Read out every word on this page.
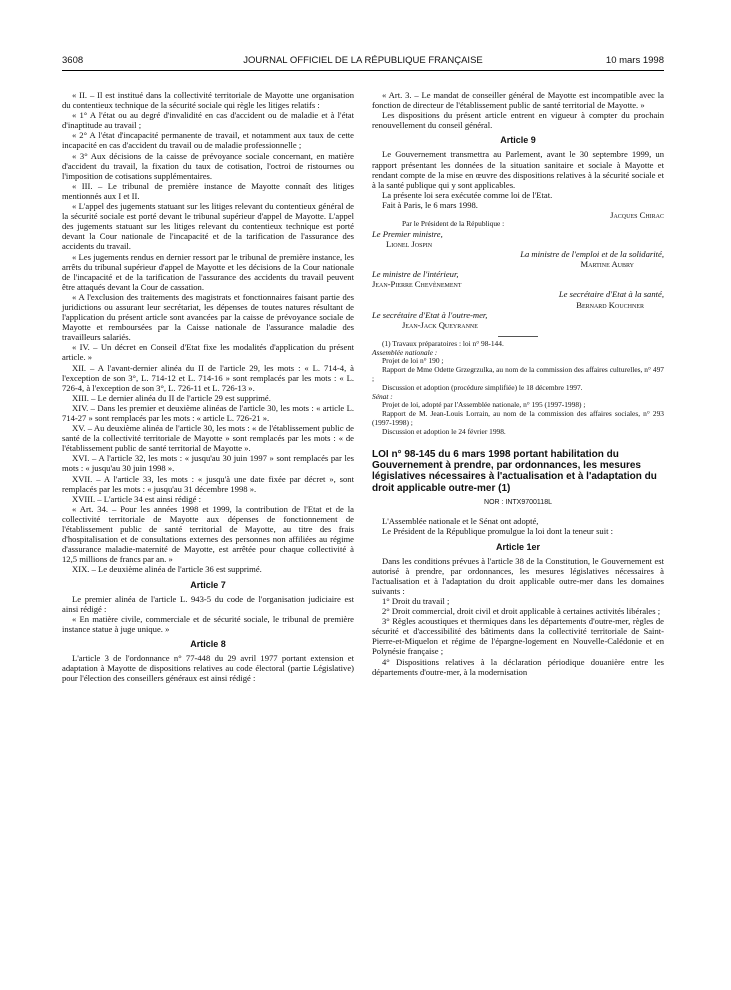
3608	JOURNAL OFFICIEL DE LA RÉPUBLIQUE FRANÇAISE	10 mars 1998

« II. – Il est institué dans la collectivité territoriale de Mayotte une organisation du contentieux technique de la sécurité sociale qui règle les litiges relatifs :

« 1° A l'état ou au degré d'invalidité en cas d'accident ou de maladie et à l'état d'inaptitude au travail ;

« 2° A l'état d'incapacité permanente de travail, et notamment aux taux de cette incapacité en cas d'accident du travail ou de maladie professionnelle ;

« 3° Aux décisions de la caisse de prévoyance sociale concernant, en matière d'accident du travail, la fixation du taux de cotisation, l'octroi de ristournes ou l'imposition de cotisations supplémentaires.

« III. – Le tribunal de première instance de Mayotte connaît des litiges mentionnés aux I et II.

« L'appel des jugements statuant sur les litiges relevant du contentieux général de la sécurité sociale est porté devant le tribunal supérieur d'appel de Mayotte. L'appel des jugements statuant sur les litiges relevant du contentieux technique est porté devant la Cour nationale de l'incapacité et de la tarification de l'assurance des accidents du travail.

« Les jugements rendus en dernier ressort par le tribunal de première instance, les arrêts du tribunal supérieur d'appel de Mayotte et les décisions de la Cour nationale de l'incapacité et de la tarification de l'assurance des accidents du travail peuvent être attaqués devant la Cour de cassation.

« A l'exclusion des traitements des magistrats et fonctionnaires faisant partie des juridictions ou assurant leur secrétariat, les dépenses de toutes natures résultant de l'application du présent article sont avancées par la caisse de prévoyance sociale de Mayotte et remboursées par la Caisse nationale de l'assurance maladie des travailleurs salariés.

« IV. – Un décret en Conseil d'Etat fixe les modalités d'application du présent article. »

XII. – A l'avant-dernier alinéa du II de l'article 29, les mots : « L. 714-4, à l'exception de son 3°, L. 714-12 et L. 714-16 » sont remplacés par les mots : « L. 726-4, à l'exception de son 3°, L. 726-11 et L. 726-13 ».

XIII. – Le dernier alinéa du II de l'article 29 est supprimé.

XIV. – Dans les premier et deuxième alinéas de l'article 30, les mots : « article L. 714-27 » sont remplacés par les mots : « article L. 726-21 ».

XV. – Au deuxième alinéa de l'article 30, les mots : « de l'établissement public de santé de la collectivité territoriale de Mayotte » sont remplacés par les mots : « de l'établissement public de santé territorial de Mayotte ».

XVI. – A l'article 32, les mots : « jusqu'au 30 juin 1997 » sont remplacés par les mots : « jusqu'au 30 juin 1998 ».

XVII. – A l'article 33, les mots : « jusqu'à une date fixée par décret », sont remplacés par les mots : « jusqu'au 31 décembre 1998 ».

XVIII. – L'article 34 est ainsi rédigé :

« Art. 34. – Pour les années 1998 et 1999, la contribution de l'Etat et de la collectivité territoriale de Mayotte aux dépenses de fonctionnement de l'établissement public de santé territorial de Mayotte, au titre des frais d'hospitalisation et de consultations externes des personnes non affiliées au régime d'assurance maladie-maternité de Mayotte, est arrêtée pour chaque collectivité à 12,5 millions de francs par an. »

XIX. – Le deuxième alinéa de l'article 36 est supprimé.

Article 7

Le premier alinéa de l'article L. 943-5 du code de l'organisation judiciaire est ainsi rédigé :

« En matière civile, commerciale et de sécurité sociale, le tribunal de première instance statue à juge unique. »

Article 8

L'article 3 de l'ordonnance n° 77-448 du 29 avril 1977 portant extension et adaptation à Mayotte de dispositions relatives au code électoral (partie Législative) pour l'élection des conseillers généraux est ainsi rédigé :

« Art. 3. – Le mandat de conseiller général de Mayotte est incompatible avec la fonction de directeur de l'établissement public de santé territorial de Mayotte. »

Les dispositions du présent article entrent en vigueur à compter du prochain renouvellement du conseil général.

Article 9

Le Gouvernement transmettra au Parlement, avant le 30 septembre 1999, un rapport présentant les données de la situation sanitaire et sociale à Mayotte et rendant compte de la mise en œuvre des dispositions relatives à la sécurité sociale et à la santé publique qui y sont applicables.

La présente loi sera exécutée comme loi de l'Etat.

Fait à Paris, le 6 mars 1998.

Jacques Chirac
Par le Président de la République :
Le Premier ministre,
Lionel Jospin
La ministre de l'emploi et de la solidarité,
Martine Aubry
Le ministre de l'intérieur,
Jean-Pierre Chevènement
Le secrétaire d'Etat à la santé,
Bernard Kouchner
Le secrétaire d'Etat à l'outre-mer,
Jean-Jack Queyranne

(1) Travaux préparatoires : loi n° 98-144.

Assemblée nationale :

Projet de loi n° 190 ;

Rapport de Mme Odette Grzegrzulka, au nom de la commission des affaires culturelles, n° 497 ;

Discussion et adoption (procédure simplifiée) le 18 décembre 1997.

Sénat :

Projet de loi, adopté par l'Assemblée nationale, n° 195 (1997-1998) ;

Rapport de M. Jean-Louis Lorrain, au nom de la commission des affaires sociales, n° 293 (1997-1998) ;

Discussion et adoption le 24 février 1998.

LOI n° 98-145 du 6 mars 1998 portant habilitation du Gouvernement à prendre, par ordonnances, les mesures législatives nécessaires à l'actualisation et à l'adaptation du droit applicable outre-mer (1)
NOR : INTX9700118L

L'Assemblée nationale et le Sénat ont adopté,

Le Président de la République promulgue la loi dont la teneur suit :

Article 1er

Dans les conditions prévues à l'article 38 de la Constitution, le Gouvernement est autorisé à prendre, par ordonnances, les mesures législatives nécessaires à l'actualisation et à l'adaptation du droit applicable outre-mer dans les domaines suivants :

1° Droit du travail ;

2° Droit commercial, droit civil et droit applicable à certaines activités libérales ;

3° Règles acoustiques et thermiques dans les départements d'outre-mer, règles de sécurité et d'accessibilité des bâtiments dans la collectivité territoriale de Saint-Pierre-et-Miquelon et régime de l'épargne-logement en Nouvelle-Calédonie et en Polynésie française ;

4° Dispositions relatives à la déclaration périodique douanière entre les départements d'outre-mer, à la modernisation
